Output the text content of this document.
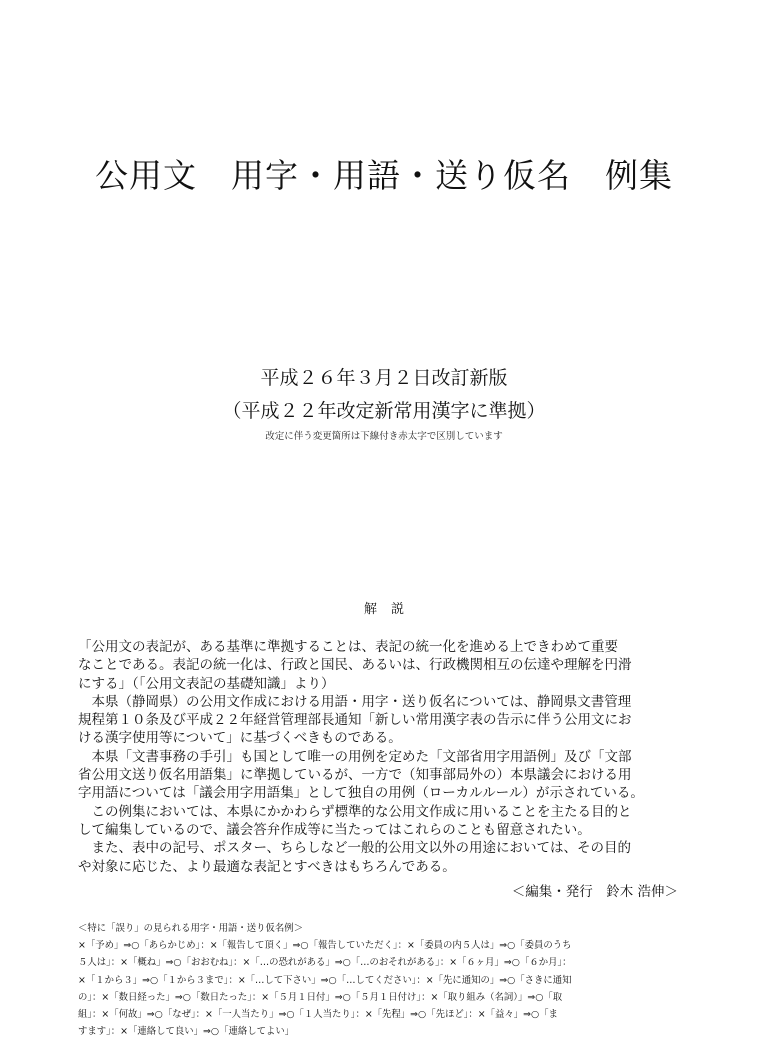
公用文　用字・用語・送り仮名　例集
平成２６年３月２日改訂新版
（平成２２年改定新常用漢字に準拠）
改定に伴う変更箇所は下線付き赤太字で区別しています
解説
「公用文の表記が、ある基準に準拠することは、表記の統一化を進める上できわめて重要
なことである。表記の統一化は、行政と国民、あるいは、行政機関相互の伝達や理解を円滑
にする」（「公用文表記の基礎知識」より）
　本県（静岡県）の公用文作成における用語・用字・送り仮名については、静岡県文書管理
規程第１０条及び平成２２年経営管理部長通知「新しい常用漢字表の告示に伴う公用文にお
ける漢字使用等について」に基づくべきものである。
　本県「文書事務の手引」も国として唯一の用例を定めた「文部省用字用語例」及び「文部
省公用文送り仮名用語集」に準拠しているが、一方で（知事部局外の）本県議会における用
字用語については「議会用字用語集」として独自の用例（ローカルルール）が示されている。
　この例集においては、本県にかかわらず標準的な公用文作成に用いることを主たる目的と
して編集しているので、議会答弁作成等に当たってはこれらのことも留意されたい。
　また、表中の記号、ポスター、ちらしなど一般的公用文以外の用途においては、その目的
や対象に応じた、より最適な表記とすべきはもちろんである。
＜編集・発行　鈴木 浩伸＞
＜特に「誤り」の見られる用字・用語・送り仮名例＞
×「予め」⇒○「あらかじめ」：×「報告して頂く」⇒○「報告していただく」：×「委員の内５人は」⇒○「委員のうち
５人は」：×「概ね」⇒○「おおむね」：×「…の恐れがある」⇒○「…のおそれがある」：×「６ヶ月」⇒○「６か月」：
×「１から３」⇒○「１から３まで」：×「…して下さい」⇒○「…してください」：×「先に通知の」⇒○「さきに通知
の」：×「数日経った」⇒○「数日たった」：×「５月１日付」⇒○「５月１日付け」：×「取り組み（名詞）」⇒○「取
組」：×「何故」⇒○「なぜ」：×「一人当たり」⇒○「１人当たり」：×「先程」⇒○「先ほど」：×「益々」⇒○「ま
すます」：×「連絡して良い」⇒○「連絡してよい」
